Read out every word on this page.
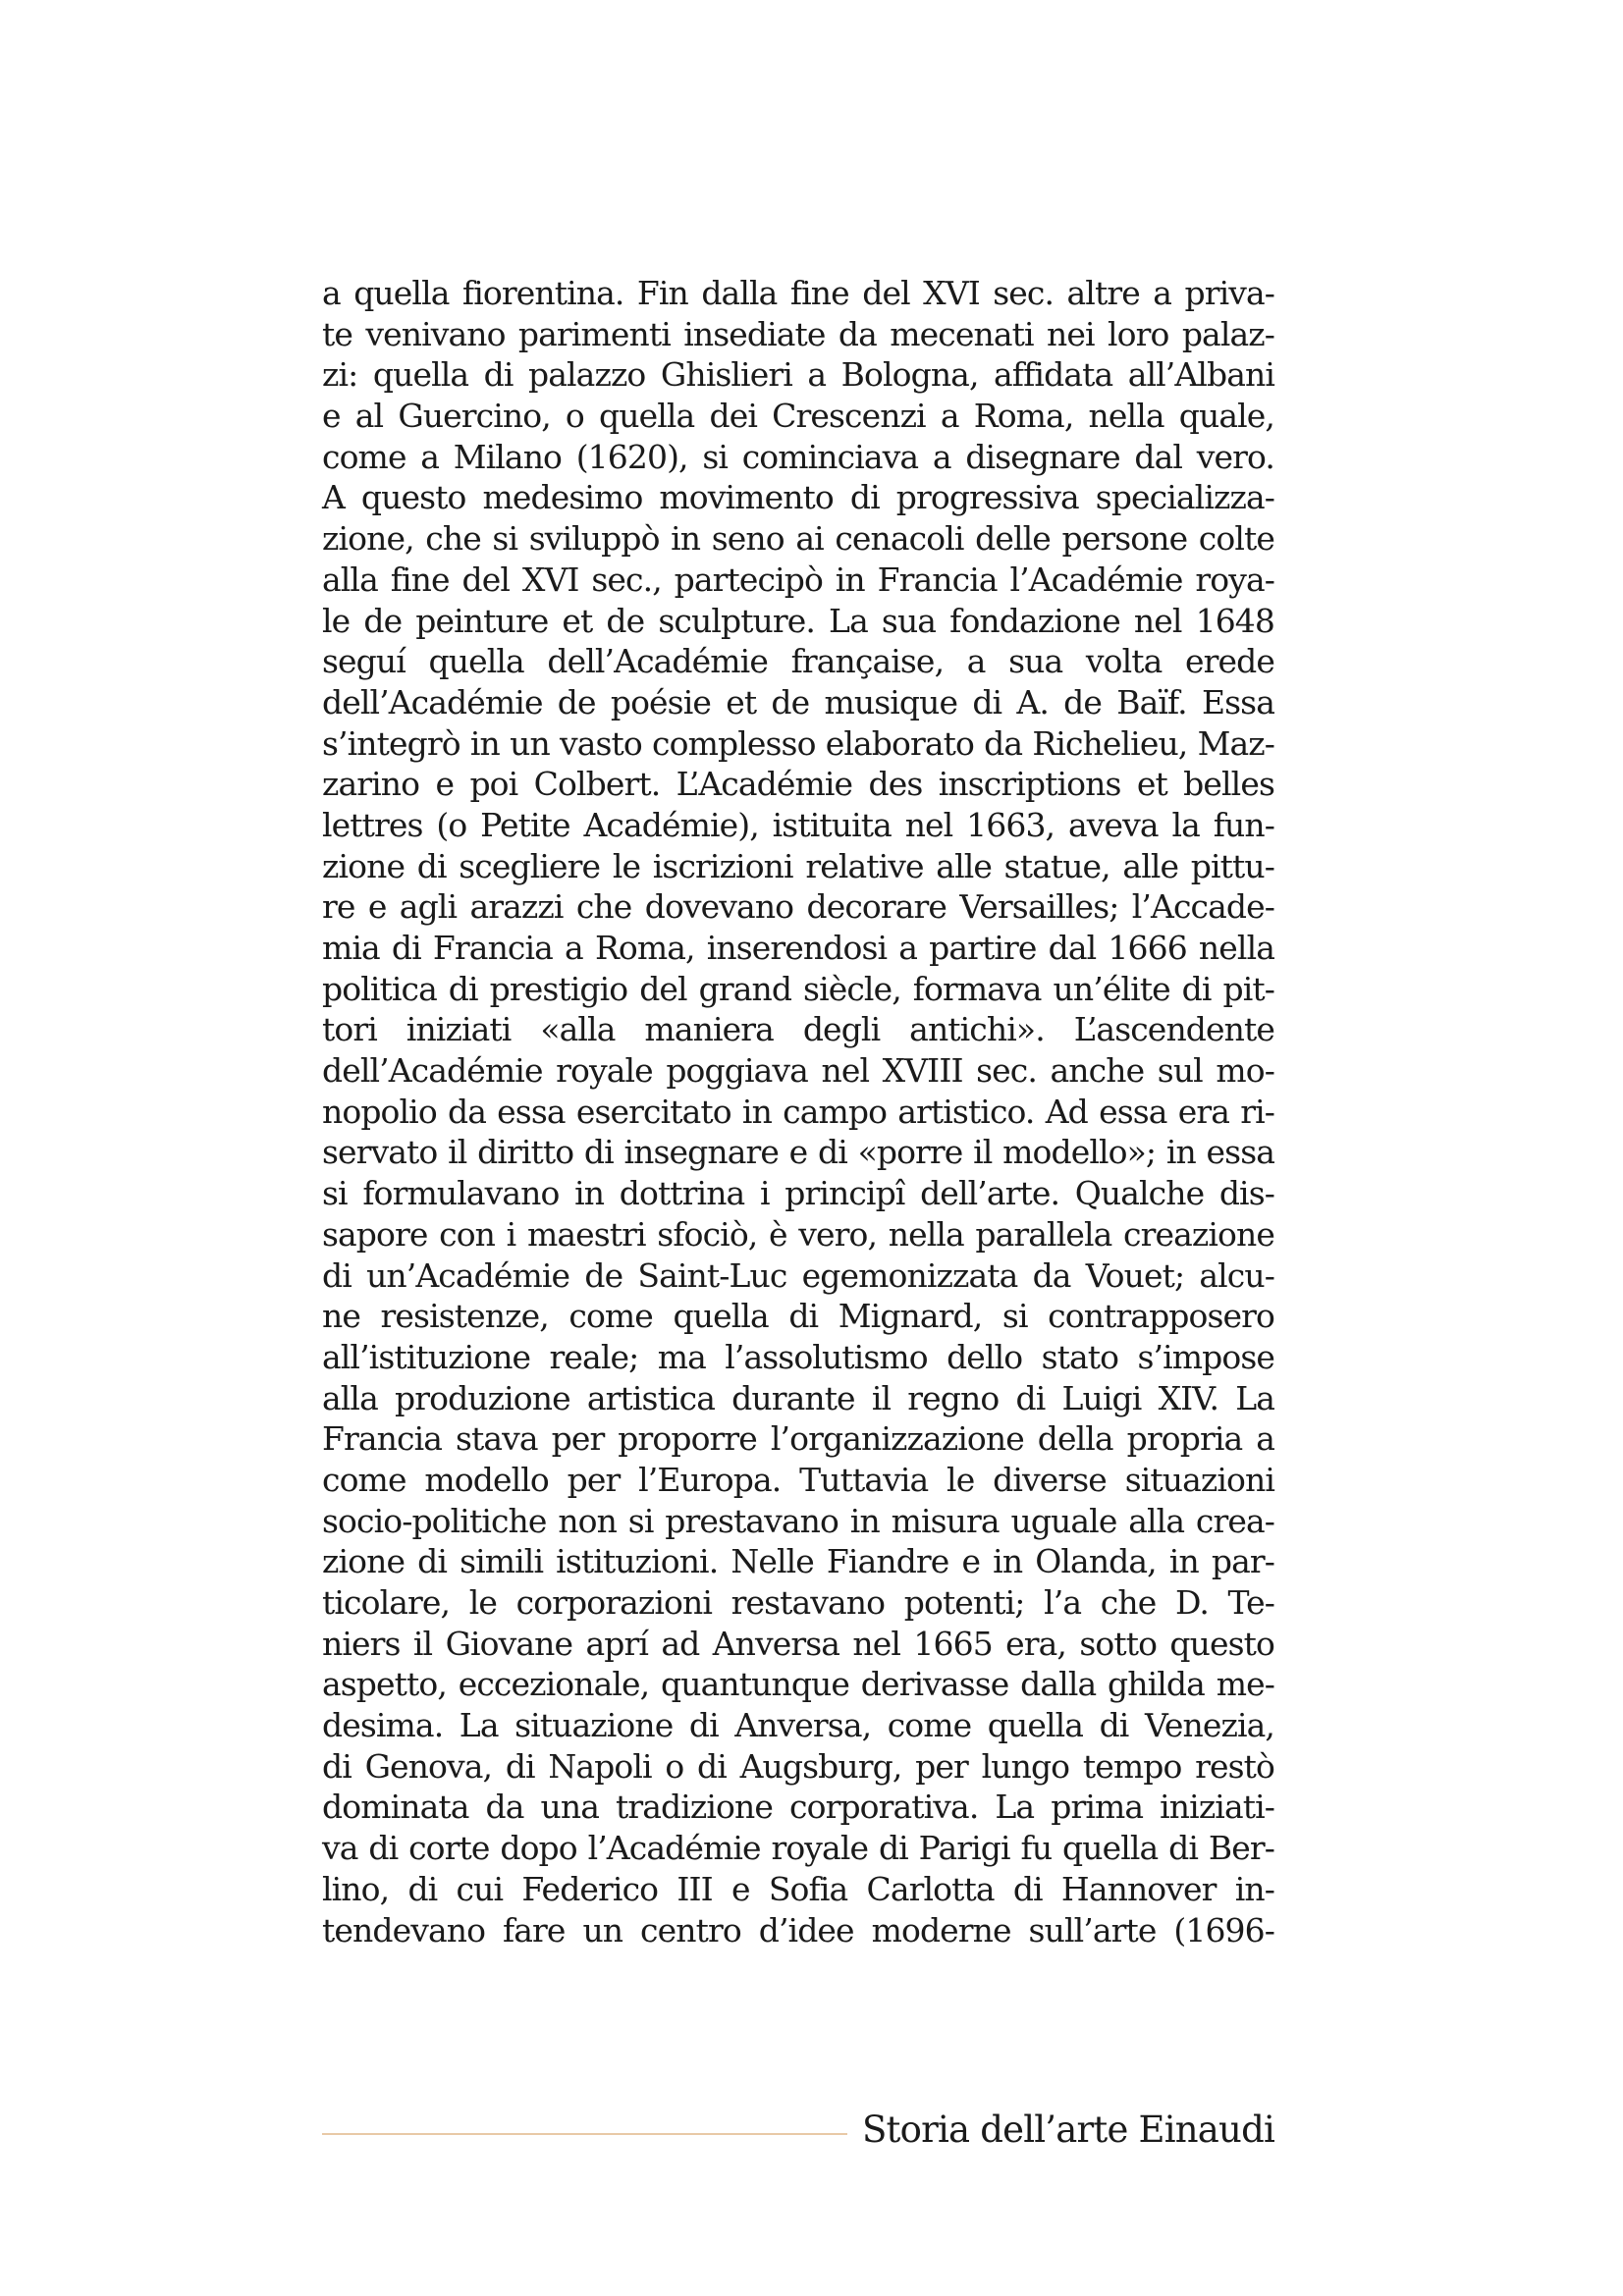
a quella fiorentina. Fin dalla fine del XVI sec. altre a priva-
te venivano parimenti insediate da mecenati nei loro palaz-
zi: quella di palazzo Ghislieri a Bologna, affidata all’Albani
e al Guercino, o quella dei Crescenzi a Roma, nella quale,
come a Milano (1620), si cominciava a disegnare dal vero.
A questo medesimo movimento di progressiva specializza-
zione, che si sviluppò in seno ai cenacoli delle persone colte
alla fine del XVI sec., partecipò in Francia l’Académie roya-
le de peinture et de sculpture. La sua fondazione nel 1648
seguí quella dell’Académie française, a sua volta erede
dell’Académie de poésie et de musique di A. de Baïf. Essa
s’integrò in un vasto complesso elaborato da Richelieu, Maz-
zarino e poi Colbert. L’Académie des inscriptions et belles
lettres (o Petite Académie), istituita nel 1663, aveva la fun-
zione di scegliere le iscrizioni relative alle statue, alle pittu-
re e agli arazzi che dovevano decorare Versailles; l’Accade-
mia di Francia a Roma, inserendosi a partire dal 1666 nella
politica di prestigio del grand siècle, formava un’élite di pit-
tori iniziati «alla maniera degli antichi». L’ascendente
dell’Académie royale poggiava nel XVIII sec. anche sul mo-
nopolio da essa esercitato in campo artistico. Ad essa era ri-
servato il diritto di insegnare e di «porre il modello»; in essa
si formulavano in dottrina i principî dell’arte. Qualche dis-
sapore con i maestri sfociò, è vero, nella parallela creazione
di un’Académie de Saint-Luc egemonizzata da Vouet; alcu-
ne resistenze, come quella di Mignard, si contrapposero
all’istituzione reale; ma l’assolutismo dello stato s’impose
alla produzione artistica durante il regno di Luigi XIV. La
Francia stava per proporre l’organizzazione della propria a
come modello per l’Europa. Tuttavia le diverse situazioni
socio-politiche non si prestavano in misura uguale alla crea-
zione di simili istituzioni. Nelle Fiandre e in Olanda, in par-
ticolare, le corporazioni restavano potenti; l’a che D. Te-
niers il Giovane aprí ad Anversa nel 1665 era, sotto questo
aspetto, eccezionale, quantunque derivasse dalla ghilda me-
desima. La situazione di Anversa, come quella di Venezia,
di Genova, di Napoli o di Augsburg, per lungo tempo restò
dominata da una tradizione corporativa. La prima iniziati-
va di corte dopo l’Académie royale di Parigi fu quella di Ber-
lino, di cui Federico III e Sofia Carlotta di Hannover in-
tendevano fare un centro d’idee moderne sull’arte (1696-
Storia dell’arte Einaudi
